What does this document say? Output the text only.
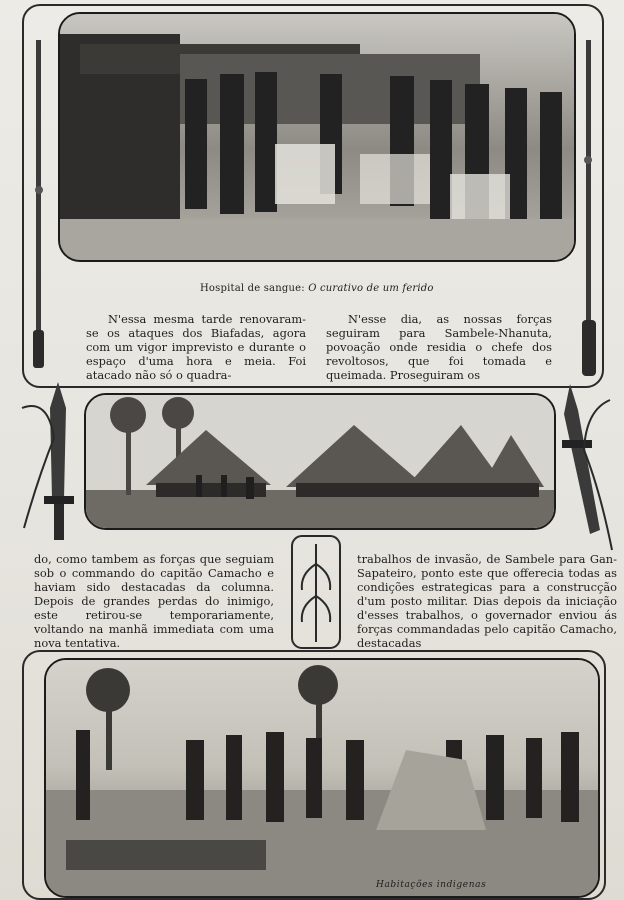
Hospital de sangue: O curativo de um ferido

N'essa mesma tarde renovaram-se os ataques dos Biafadas, agora com um vigor imprevisto e durante o espaço d'uma hora e meia. Foi atacado não só o quadra-

N'esse dia, as nossas forças seguiram para Sambele-Nhanuta, povoação onde residia o chefe dos revoltosos, que foi tomada e queimada. Proseguiram os

do, como tambem as forças que seguiam sob o commando do capitão Camacho e haviam sido destacadas da columna. Depois de grandes perdas do inimigo, este retirou-se temporariamente, voltando na manhã immediata com uma nova tentativa.

trabalhos de invasão, de Sambele para Gan-Sapateiro, ponto este que offerecia todas as condições estrategicas para a construcção d'um posto militar. Dias depois da iniciação d'esses trabalhos, o governador enviou ás forças commandadas pelo capitão Camacho, destacadas

Habitações indigenas
